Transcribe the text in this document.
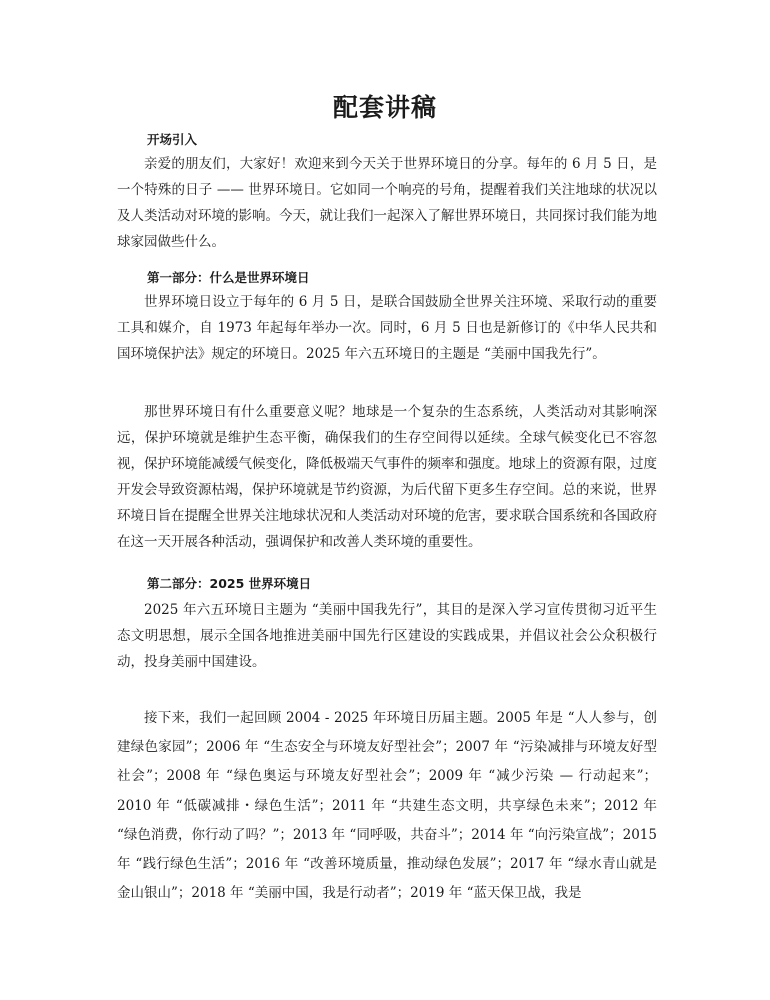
配套讲稿
开场引入

亲爱的朋友们，大家好！欢迎来到今天关于世界环境日的分享。每年的 6 月 5 日，是一个特殊的日子 —— 世界环境日。它如同一个响亮的号角，提醒着我们关注地球的状况以及人类活动对环境的影响。今天，就让我们一起深入了解世界环境日，共同探讨我们能为地球家园做些什么。

第一部分：什么是世界环境日

世界环境日设立于每年的 6 月 5 日，是联合国鼓励全世界关注环境、采取行动的重要工具和媒介，自 1973 年起每年举办一次。同时，6 月 5 日也是新修订的《中华人民共和国环境保护法》规定的环境日。2025 年六五环境日的主题是 “美丽中国我先行”。

那世界环境日有什么重要意义呢？地球是一个复杂的生态系统，人类活动对其影响深远，保护环境就是维护生态平衡，确保我们的生存空间得以延续。全球气候变化已不容忽视，保护环境能减缓气候变化，降低极端天气事件的频率和强度。地球上的资源有限，过度开发会导致资源枯竭，保护环境就是节约资源，为后代留下更多生存空间。总的来说，世界环境日旨在提醒全世界关注地球状况和人类活动对环境的危害，要求联合国系统和各国政府在这一天开展各种活动，强调保护和改善人类环境的重要性。

第二部分：2025 世界环境日

2025 年六五环境日主题为 “美丽中国我先行”，其目的是深入学习宣传贯彻习近平生态文明思想，展示全国各地推进美丽中国先行区建设的实践成果，并倡议社会公众积极行动，投身美丽中国建设。

接下来，我们一起回顾 2004 - 2025 年环境日历届主题。2005 年是 “人人参与，创建绿色家园”；2006 年 “生态安全与环境友好型社会”；2007 年 “污染减排与环境友好型社会”；2008 年 “绿色奥运与环境友好型社会”；2009 年 “减少污染 — 行动起来”；2010 年 “低碳减排・绿色生活”；2011 年 “共建生态文明，共享绿色未来”；2012 年 “绿色消费，你行动了吗？”；2013 年 “同呼吸，共奋斗”；2014 年 “向污染宣战”；2015 年 “践行绿色生活”；2016 年 “改善环境质量，推动绿色发展”；2017 年 “绿水青山就是金山银山”；2018 年 “美丽中国，我是行动者”；2019 年 “蓝天保卫战，我是
